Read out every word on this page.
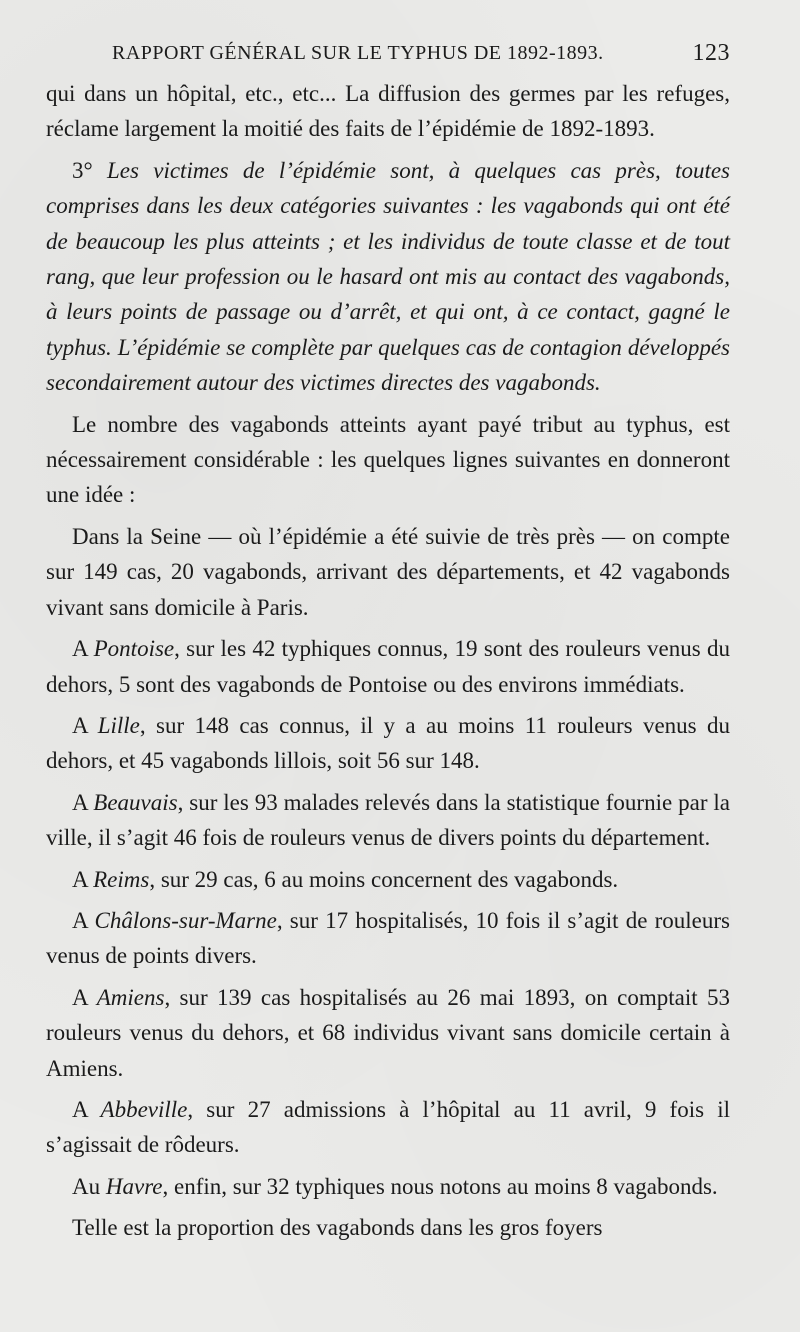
RAPPORT GÉNÉRAL SUR LE TYPHUS DE 1892-1893.	123

qui dans un hôpital, etc., etc... La diffusion des germes par les refuges, réclame largement la moitié des faits de l’épidémie de 1892-1893.

3° Les victimes de l’épidémie sont, à quelques cas près, toutes comprises dans les deux catégories suivantes : les vagabonds qui ont été de beaucoup les plus atteints ; et les individus de toute classe et de tout rang, que leur profession ou le hasard ont mis au contact des vagabonds, à leurs points de passage ou d’arrêt, et qui ont, à ce contact, gagné le typhus. L’épidémie se complète par quelques cas de contagion développés secondairement autour des victimes directes des vagabonds.

Le nombre des vagabonds atteints ayant payé tribut au typhus, est nécessairement considérable : les quelques lignes suivantes en donneront une idée :

Dans la Seine — où l’épidémie a été suivie de très près — on compte sur 149 cas, 20 vagabonds, arrivant des départements, et 42 vagabonds vivant sans domicile à Paris.

A Pontoise, sur les 42 typhiques connus, 19 sont des rouleurs venus du dehors, 5 sont des vagabonds de Pontoise ou des environs immédiats.

A Lille, sur 148 cas connus, il y a au moins 11 rouleurs venus du dehors, et 45 vagabonds lillois, soit 56 sur 148.

A Beauvais, sur les 93 malades relevés dans la statistique fournie par la ville, il s’agit 46 fois de rouleurs venus de divers points du département.

A Reims, sur 29 cas, 6 au moins concernent des vagabonds.

A Châlons-sur-Marne, sur 17 hospitalisés, 10 fois il s’agit de rouleurs venus de points divers.

A Amiens, sur 139 cas hospitalisés au 26 mai 1893, on comptait 53 rouleurs venus du dehors, et 68 individus vivant sans domicile certain à Amiens.

A Abbeville, sur 27 admissions à l’hôpital au 11 avril, 9 fois il s’agissait de rôdeurs.

Au Havre, enfin, sur 32 typhiques nous notons au moins 8 vagabonds.

Telle est la proportion des vagabonds dans les gros foyers
